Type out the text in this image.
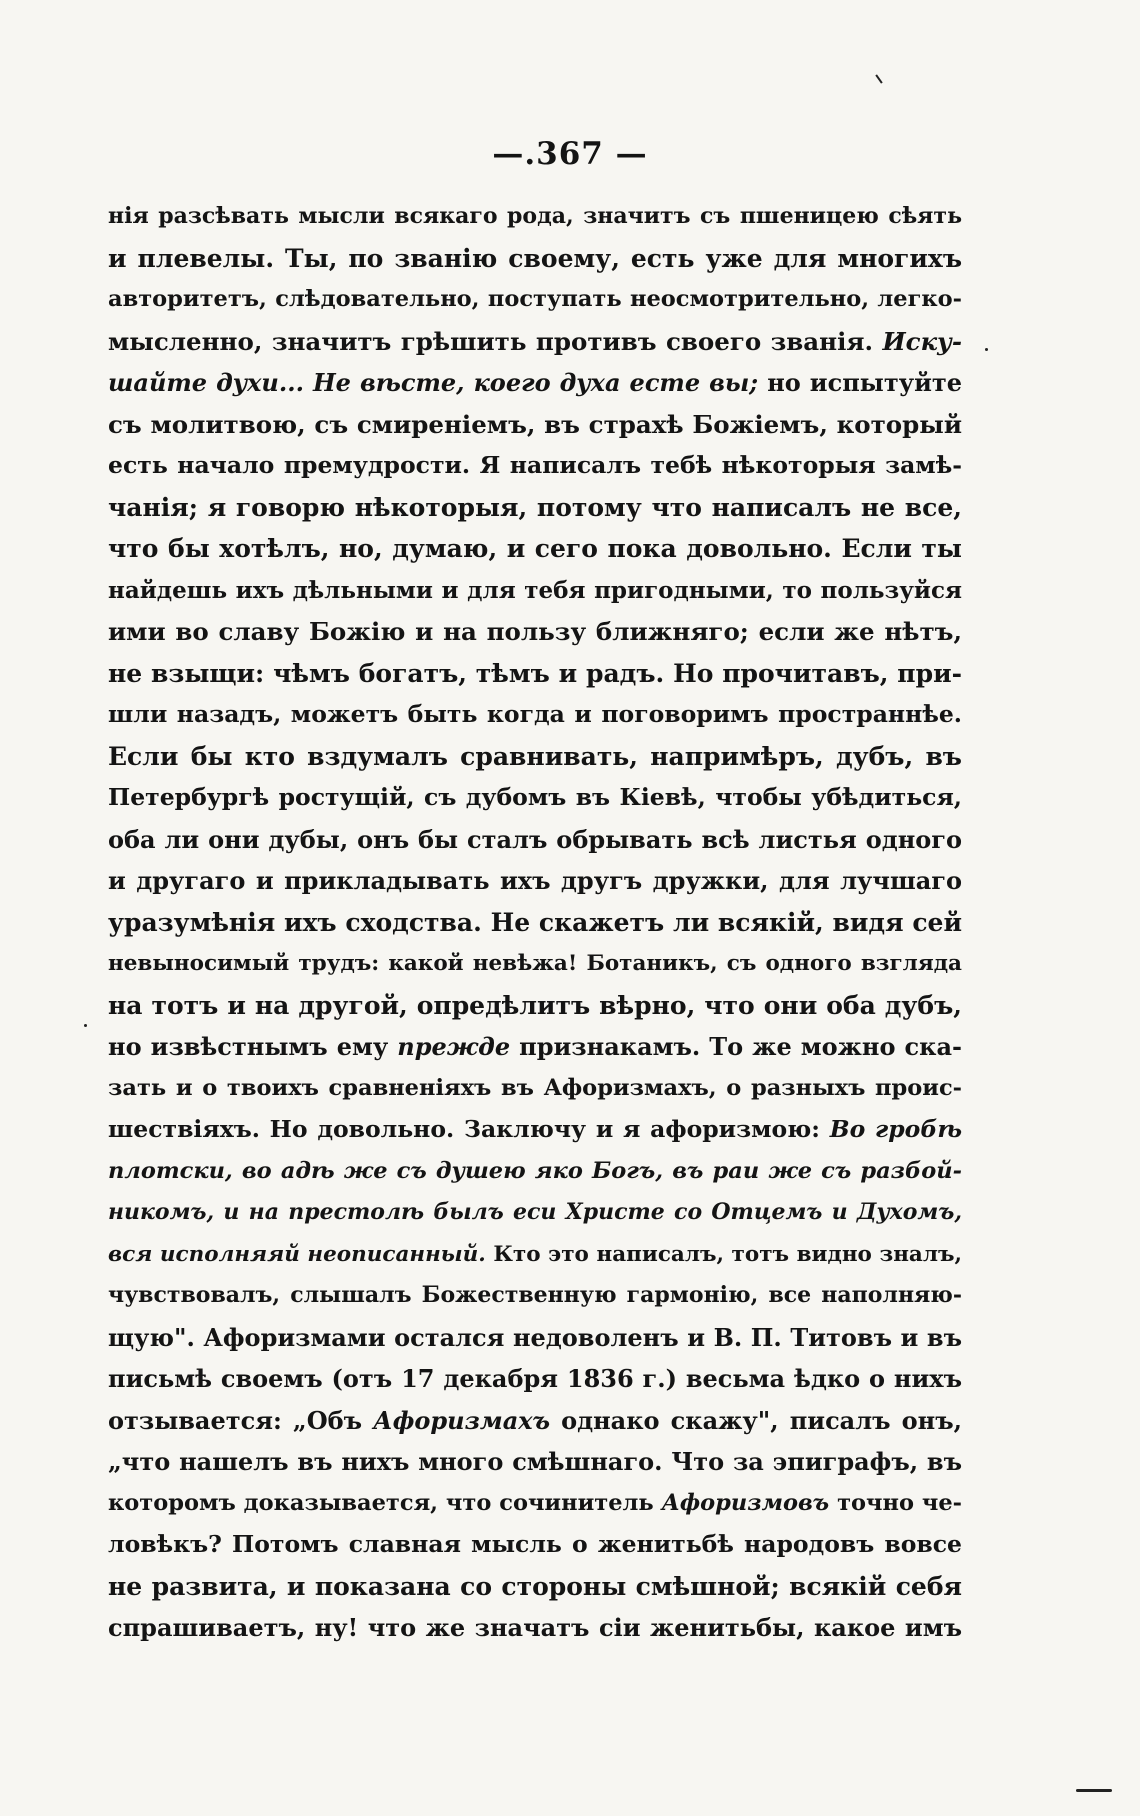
—.367 —
нія разсѣвать мысли всякаго рода, значитъ съ пшеницею сѣять
и плевелы. Ты, по званію своему, есть уже для многихъ
авторитетъ, слѣдовательно, поступать неосмотрительно, легко-
мысленно, значитъ грѣшить противъ своего званія. Иску-
шайте духи... Не вѣсте, коего духа есте вы; но испытуйте
съ молитвою, съ смиреніемъ, въ страхѣ Божіемъ, который
есть начало премудрости. Я написалъ тебѣ нѣкоторыя замѣ-
чанія; я говорю нѣкоторыя, потому что написалъ не все,
что бы хотѣлъ, но, думаю, и сего пока довольно. Если ты
найдешь ихъ дѣльными и для тебя пригодными, то пользуйся
ими во славу Божію и на пользу ближняго; если же нѣтъ,
не взыщи: чѣмъ богатъ, тѣмъ и радъ. Но прочитавъ, при-
шли назадъ, можетъ быть когда и поговоримъ пространнѣе.
Если бы кто вздумалъ сравнивать, напримѣръ, дубъ, въ
Петербургѣ ростущій, съ дубомъ въ Кіевѣ, чтобы убѣдиться,
оба ли они дубы, онъ бы сталъ обрывать всѣ листья одного
и другаго и прикладывать ихъ другъ дружки, для лучшаго
уразумѣнія ихъ сходства. Не скажетъ ли всякій, видя сей
невыносимый трудъ: какой невѣжа! Ботаникъ, съ одного взгляда
на тотъ и на другой, опредѣлитъ вѣрно, что они оба дубъ,
но извѣстнымъ ему прежде признакамъ. То же можно ска-
зать и о твоихъ сравненіяхъ въ Афоризмахъ, о разныхъ проис-
шествіяхъ. Но довольно. Заключу и я афоризмою: Во гробѣ
плотски, во адѣ же съ душею яко Богъ, въ раи же съ разбой-
никомъ, и на престолѣ былъ еси Христе со Отцемъ и Духомъ,
вся исполняяй неописанный. Кто это написалъ, тотъ видно зналъ,
чувствовалъ, слышалъ Божественную гармонію, все наполняю-
щую". Афоризмами остался недоволенъ и В. П. Титовъ и въ
письмѣ своемъ (отъ 17 декабря 1836 г.) весьма ѣдко о нихъ
отзывается: „Объ Афоризмахъ однако скажу", писалъ онъ,
„что нашелъ въ нихъ много смѣшнаго. Что за эпиграфъ, въ
которомъ доказывается, что сочинитель Афоризмовъ точно че-
ловѣкъ? Потомъ славная мысль о женитьбѣ народовъ вовсе
не развита, и показана со стороны смѣшной; всякій себя
спрашиваетъ, ну! что же значатъ сіи женитьбы, какое имъ
